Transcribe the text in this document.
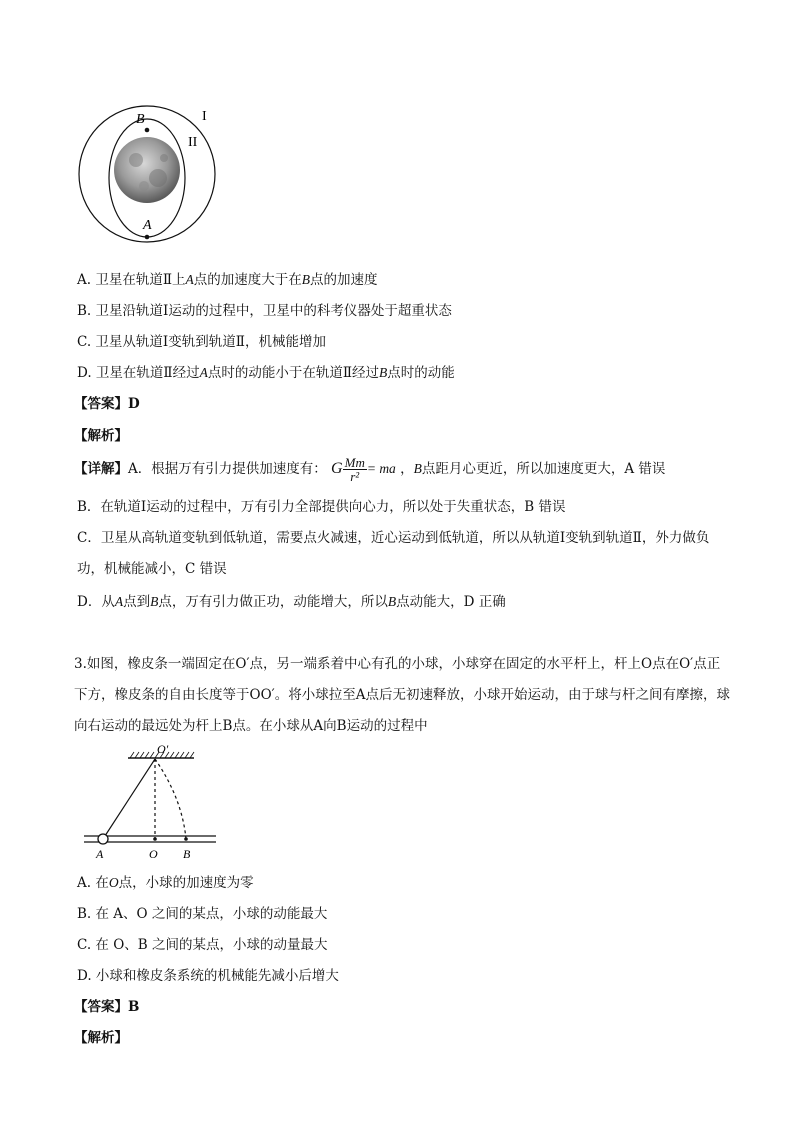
B
A
I
II
A. 卫星在轨道Ⅱ上A点的加速度大于在B点的加速度
B. 卫星沿轨道Ⅰ运动的过程中，卫星中的科考仪器处于超重状态
C. 卫星从轨道Ⅰ变轨到轨道Ⅱ，机械能增加
D. 卫星在轨道Ⅱ经过A点时的动能小于在轨道Ⅱ经过B点时的动能
【答案】D
【解析】
【详解】A．根据万有引力提供加速度有： G $\frac{Mm}{\text{r²}}$ = ma ，B点距月心更近，所以加速度更大，A 错误
B．在轨道Ⅰ运动的过程中，万有引力全部提供向心力，所以处于失重状态，B 错误
C．卫星从高轨道变轨到低轨道，需要点火减速，近心运动到低轨道，所以从轨道Ⅰ变轨到轨道Ⅱ，外力做负功，机械能减小，C 错误
D．从A点到B点，万有引力做正功，动能增大，所以B点动能大，D 正确
3.如图，橡皮条一端固定在O′点，另一端系着中心有孔的小球，小球穿在固定的水平杆上，杆上O点在O′点正下方，橡皮条的自由长度等于OO′。将小球拉至A点后无初速释放，小球开始运动，由于球与杆之间有摩擦，球向右运动的最远处为杆上B点。在小球从A向B运动的过程中
O′
A	O B
A. 在O点，小球的加速度为零
B. 在 A、O 之间的某点，小球的动能最大
C. 在 O、B 之间的某点，小球的动量最大
D. 小球和橡皮条系统的机械能先减小后增大
【答案】B
【解析】
